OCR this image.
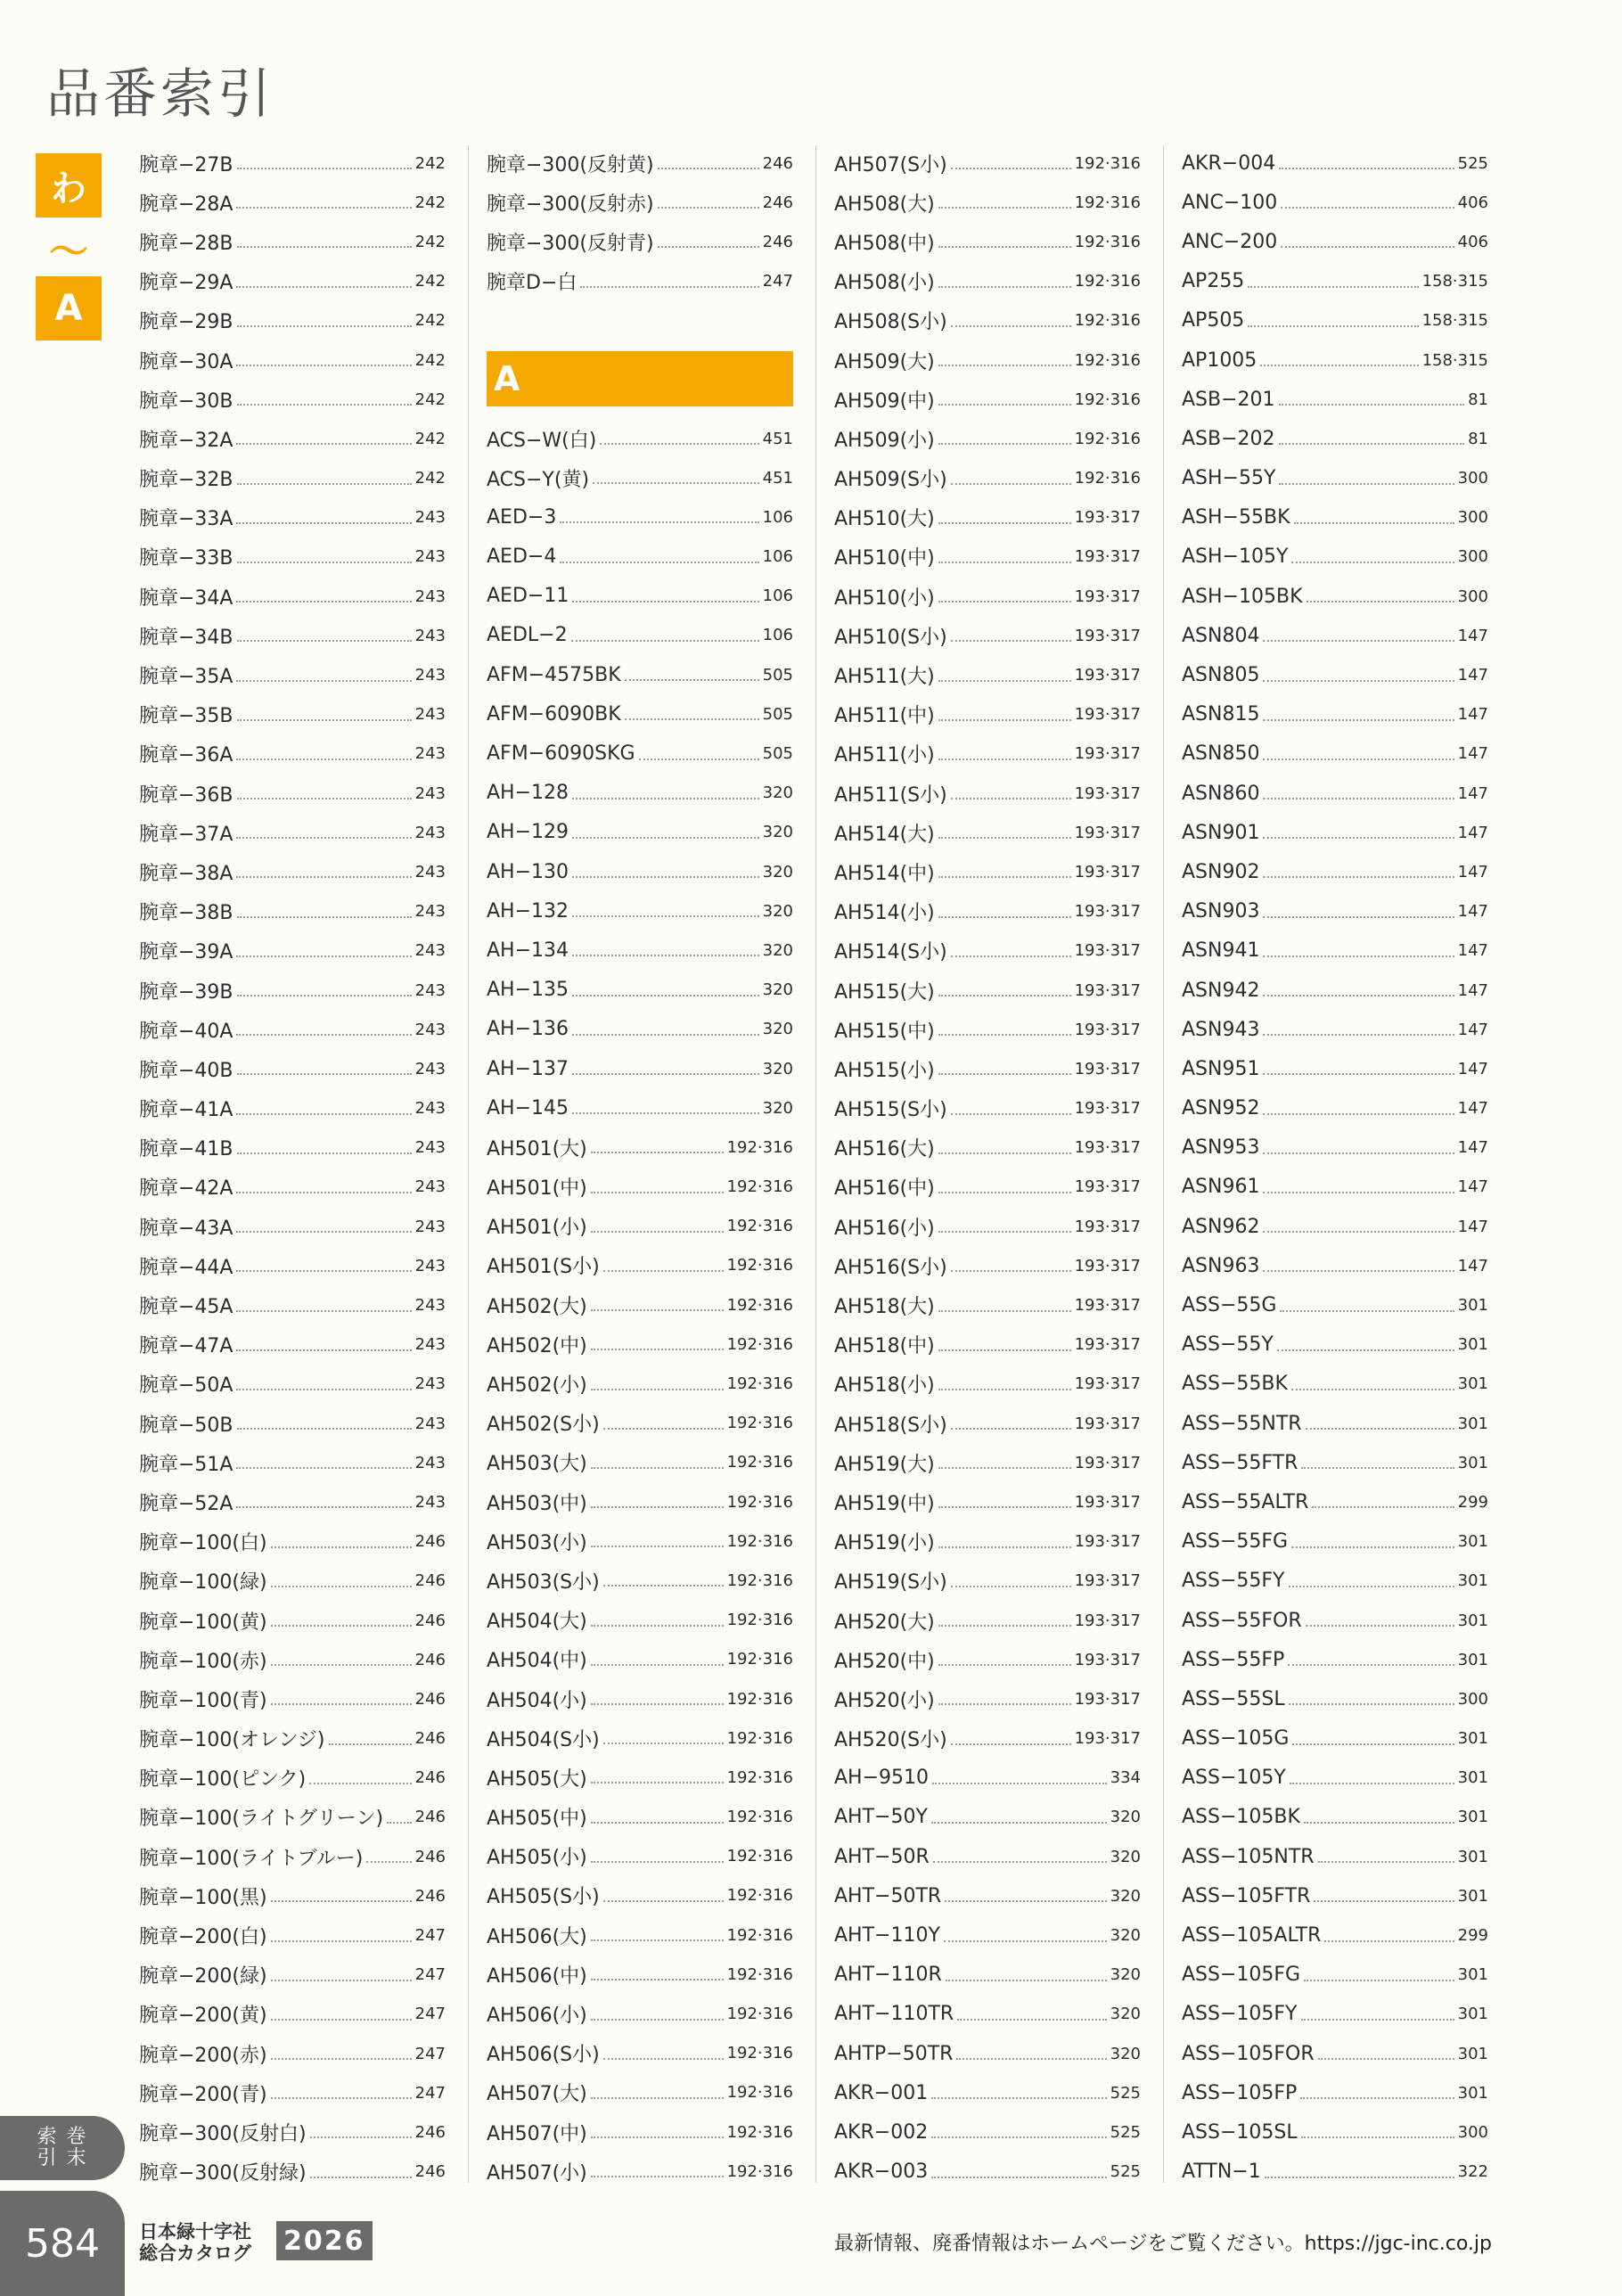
品番索引
わ
〜
A
腕章−27B	242
腕章−28A	242
腕章−28B	242
腕章−29A	242
腕章−29B	242
腕章−30A	242
腕章−30B	242
腕章−32A	242
腕章−32B	242
腕章−33A	243
腕章−33B	243
腕章−34A	243
腕章−34B	243
腕章−35A	243
腕章−35B	243
腕章−36A	243
腕章−36B	243
腕章−37A	243
腕章−38A	243
腕章−38B	243
腕章−39A	243
腕章−39B	243
腕章−40A	243
腕章−40B	243
腕章−41A	243
腕章−41B	243
腕章−42A	243
腕章−43A	243
腕章−44A	243
腕章−45A	243
腕章−47A	243
腕章−50A	243
腕章−50B	243
腕章−51A	243
腕章−52A	243
腕章−100(白)	246
腕章−100(緑)	246
腕章−100(黄)	246
腕章−100(赤)	246
腕章−100(青)	246
腕章−100(オレンジ)	246
腕章−100(ピンク)	246
腕章−100(ライトグリーン) 246
腕章−100(ライトブルー)	246
腕章−100(黒)	246
腕章−200(白)	247
腕章−200(緑)	247
腕章−200(黄)	247
腕章−200(赤)	247
腕章−200(青)	247
腕章−300(反射白)	246
腕章−300(反射緑)	246
腕章−300(反射黄)	246
腕章−300(反射赤)	246
腕章−300(反射青)	246
腕章D−白	247
A
ACS−W(白)	451
ACS−Y(黄)	451
AED−3	106
AED−4	106
AED−11	106
AEDL−2	106
AFM−4575BK	505
AFM−6090BK	505
AFM−6090SKG	505
AH−128	320
AH−129	320
AH−130	320
AH−132	320
AH−134	320
AH−135	320
AH−136	320
AH−137	320
AH−145	320
AH501(大)	192·316
AH501(中)	192·316
AH501(小)	192·316
AH501(S小)	192·316
AH502(大)	192·316
AH502(中)	192·316
AH502(小)	192·316
AH502(S小)	192·316
AH503(大)	192·316
AH503(中)	192·316
AH503(小)	192·316
AH503(S小)	192·316
AH504(大)	192·316
AH504(中)	192·316
AH504(小)	192·316
AH504(S小)	192·316
AH505(大)	192·316
AH505(中)	192·316
AH505(小)	192·316
AH505(S小)	192·316
AH506(大)	192·316
AH506(中)	192·316
AH506(小)	192·316
AH506(S小)	192·316
AH507(大)	192·316
AH507(中)	192·316
AH507(小)	192·316
AH507(S小)	192·316
AH508(大)	192·316
AH508(中)	192·316
AH508(小)	192·316
AH508(S小)	192·316
AH509(大)	192·316
AH509(中)	192·316
AH509(小)	192·316
AH509(S小)	192·316
AH510(大)	193·317
AH510(中)	193·317
AH510(小)	193·317
AH510(S小)	193·317
AH511(大)	193·317
AH511(中)	193·317
AH511(小)	193·317
AH511(S小)	193·317
AH514(大)	193·317
AH514(中)	193·317
AH514(小)	193·317
AH514(S小)	193·317
AH515(大)	193·317
AH515(中)	193·317
AH515(小)	193·317
AH515(S小)	193·317
AH516(大)	193·317
AH516(中)	193·317
AH516(小)	193·317
AH516(S小)	193·317
AH518(大)	193·317
AH518(中)	193·317
AH518(小)	193·317
AH518(S小)	193·317
AH519(大)	193·317
AH519(中)	193·317
AH519(小)	193·317
AH519(S小)	193·317
AH520(大)	193·317
AH520(中)	193·317
AH520(小)	193·317
AH520(S小)	193·317
AH−9510	334
AHT−50Y	320
AHT−50R	320
AHT−50TR	320
AHT−110Y	320
AHT−110R	320
AHT−110TR	320
AHTP−50TR	320
AKR−001	525
AKR−002	525
AKR−003	525
AKR−004	525
ANC−100	406
ANC−200	406
AP255	158·315
AP505	158·315
AP1005	158·315
ASB−201	81
ASB−202	81
ASH−55Y	300
ASH−55BK	300
ASH−105Y	300
ASH−105BK	300
ASN804	147
ASN805	147
ASN815	147
ASN850	147
ASN860	147
ASN901	147
ASN902	147
ASN903	147
ASN941	147
ASN942	147
ASN943	147
ASN951	147
ASN952	147
ASN953	147
ASN961	147
ASN962	147
ASN963	147
ASS−55G	301
ASS−55Y	301
ASS−55BK	301
ASS−55NTR	301
ASS−55FTR	301
ASS−55ALTR	299
ASS−55FG	301
ASS−55FY	301
ASS−55FOR	301
ASS−55FP	301
ASS−55SL	300
ASS−105G	301
ASS−105Y	301
ASS−105BK	301
ASS−105NTR	301
ASS−105FTR	301
ASS−105ALTR	299
ASS−105FG	301
ASS−105FY	301
ASS−105FOR	301
ASS−105FP	301
ASS−105SL	300
ATTN−1	322
索 巻
引 末
584	日本緑十字社
総合カタログ 2026	最新情報、廃番情報はホームページをご覧ください。https://jgc-inc.co.jp
